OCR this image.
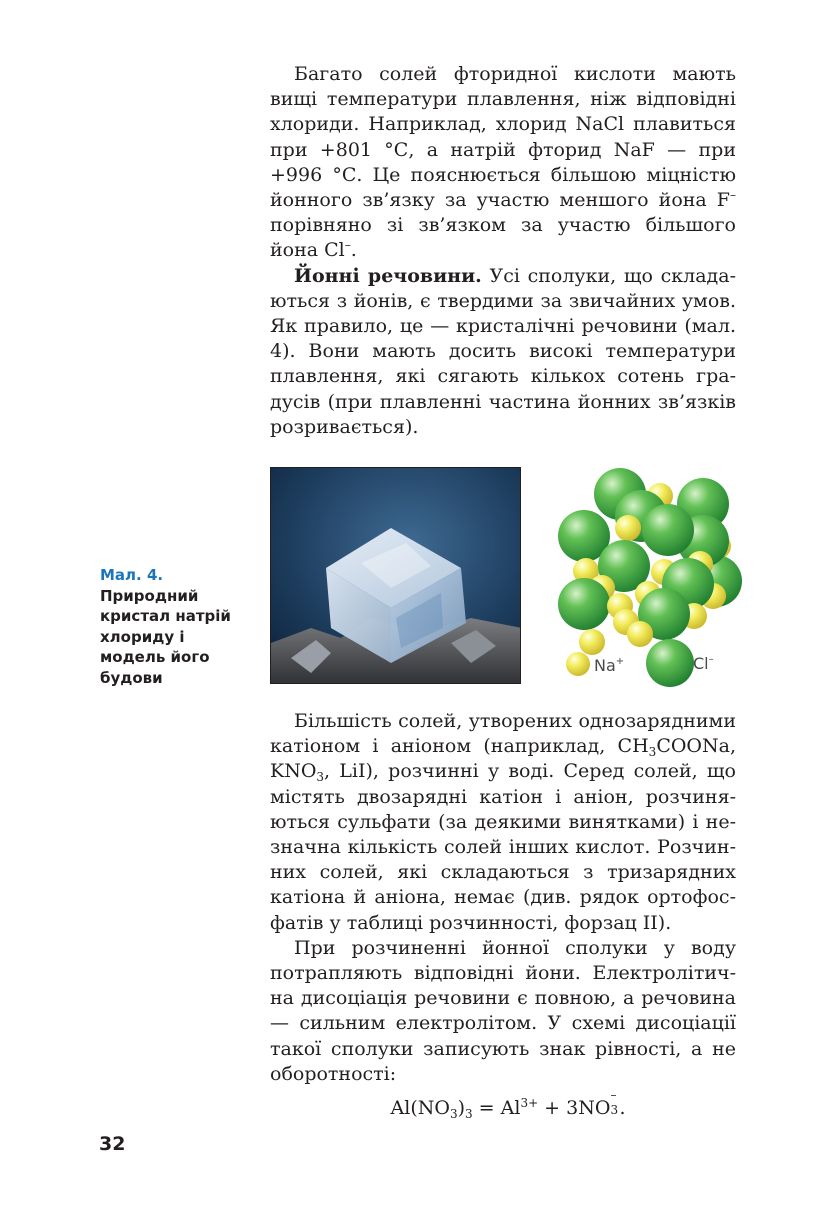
Багато солей фторидної кислоти мають вищі температури плавлення, ніж відповідні хлориди. Наприклад, хлорид NaCl плавиться при +801 °С, а натрій фторид NaF — при +996 °С. Це пояснюється більшою міцністю йонного зв’язку за участю меншого йона F– порівняно зі зв’язком за участю більшого йона Cl–.

Йонні речовини. Усі сполуки, що складаються з йонів, є твердими за звичайних умов. Як правило, це — кристалічні речовини (мал. 4). Вони мають досить високі температури плавлення, які сягають кількох сотень градусів (при плавленні частина йонних зв’язків розривається).

Na+	Cl–
Мал. 4.
Природний кристал натрій хлориду і модель його будови

Більшість солей, утворених однозарядними катіоном і аніоном (наприклад, $CH_3COONa$, $KNO_3$, LiI), розчинні у воді. Серед солей, що містять двозарядні катіон і аніон, розчиняються сульфати (за деякими винятками) і незначна кількість солей інших кислот. Розчинних солей, які складаються з тризарядних катіона й аніона, немає (див. рядок ортофосфатів у таблиці розчинності, форзац ІІ).

При розчиненні йонної сполуки у воду потрапляють відповідні йони. Електролітична дисоціація речовини є повною, а речовина — сильним електролітом. У схемі дисоціації такої сполуки записують знак рівності, а не оборотності:

$Al(NO_3)_3 = Al^{3+} + 3NO$
–
3 .

32
